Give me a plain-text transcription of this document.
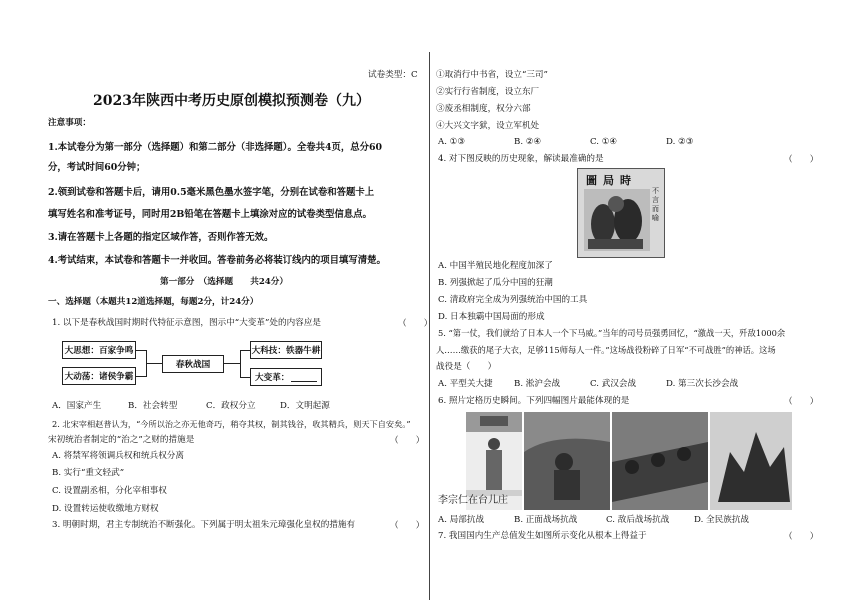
试卷类型：C
2023年陕西中考历史原创模拟预测卷（九）
注意事项：
1.本试卷分为第一部分（选择题）和第二部分（非选择题）。全卷共4页，总分60
分，考试时间60分钟；
2.领到试卷和答题卡后，请用0.5毫米黑色墨水签字笔，分别在试卷和答题卡上
填写姓名和准考证号，同时用2B铅笔在答题卡上填涂对应的试卷类型信息点。
3.请在答题卡上各题的指定区域作答，否则作答无效。
4.考试结束，本试卷和答题卡一并收回。答卷前务必将装订线内的项目填写清楚。
第一部分　（选择题　　共24分）
一、选择题（本题共12道选择题，每题2分，计24分）
1. 以下是春秋战国时期时代特征示意图，图示中“大变革”处的内容应是	（　　）
大思想：百家争鸣
大动荡：诸侯争霸
春秋战国
大科技：铁器牛耕
大变革：
A．国家产生	B．社会转型	C．政权分立	D．文明起源
2. 北宋宰相赵普认为，“今所以治之亦无他奇巧，稍夺其权，制其钱谷，收其精兵，则天下自安矣。”
宋初统治者制定的“治之”之财的措施是	（　　）
A. 将禁军将领调兵权和统兵权分离
B. 实行“重文轻武”
C. 设置副丞相，分化宰相事权
D. 设置转运使收缴地方财权
3. 明朝时期，君主专制统治不断强化。下列属于明太祖朱元璋强化皇权的措施有	（　　）
①取消行中书省，设立“三司”
②实行行省制度，设立东厂
③废丞相制度，权分六部
④大兴文字狱，设立军机处
A. ①③	B. ②④	C. ①④	D. ②③
4. 对下图反映的历史现象，解读最准确的是	（　　）
圖局時
不言而喻
A. 中国半殖民地化程度加深了
B. 列强掀起了瓜分中国的狂潮
C. 清政府完全成为列强统治中国的工具
D. 日本独霸中国局面的形成
5. “第一仗，我们就给了日本人一个下马威。”当年的司号员强勇回忆，“激战一天，歼敌1000余
人……缴获的尾子大衣，足够115师每人一件。”这场战役粉碎了日军“不可战胜”的神话。这场
战役是（　　）
A. 平型关大捷 B. 淞沪会战	C. 武汉会战	D. 第三次长沙会战
6. 照片定格历史瞬间。下列四幅图片最能体现的是	（　　）
李宗仁在台儿庄
A. 局部抗战	B. 正面战场抗战	C. 敌后战场抗战	D. 全民族抗战
7. 我国国内生产总值发生如图所示变化从根本上得益于	（　　）
